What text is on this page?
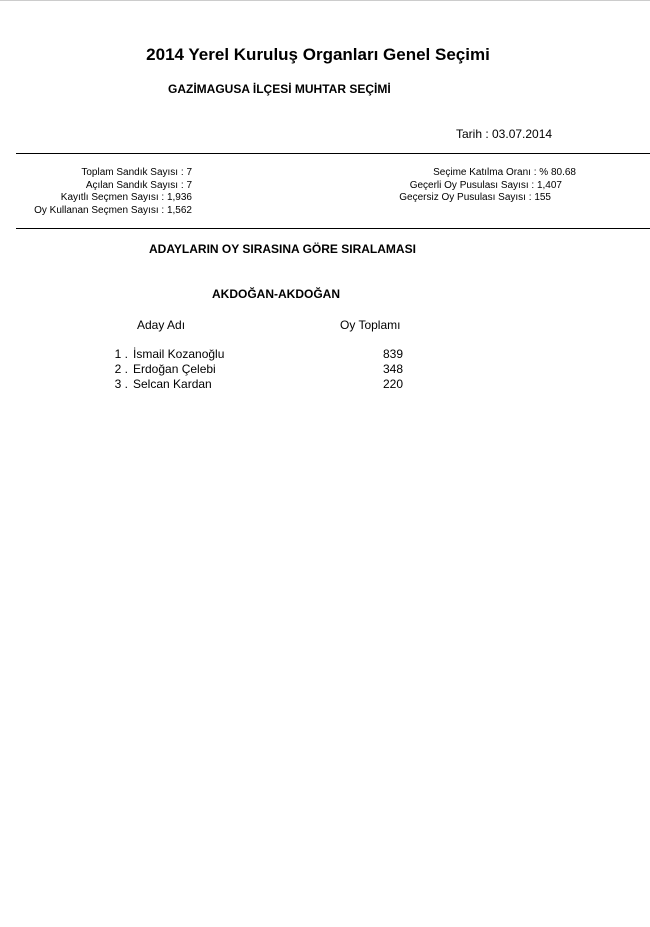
2014 Yerel Kuruluş Organları Genel Seçimi
GAZİMAGUSA İLÇESİ MUHTAR SEÇİMİ
Tarih : 03.07.2014
Toplam Sandık Sayısı : 7
Açılan Sandık Sayısı : 7
Kayıtlı Seçmen Sayısı : 1,936
Oy Kullanan Seçmen Sayısı : 1,562
Seçime Katılma Oranı : % 80.68
Geçerli Oy Pusulası Sayısı : 1,407
Geçersiz Oy Pusulası Sayısı : 155
ADAYLARIN OY SIRASINA GÖRE SIRALAMASI
AKDOĞAN-AKDOĞAN
Aday Adı	Oy Toplamı
1 . İsmail Kozanoğlu	839
2 . Erdoğan Çelebi	348
3 . Selcan Kardan	220
